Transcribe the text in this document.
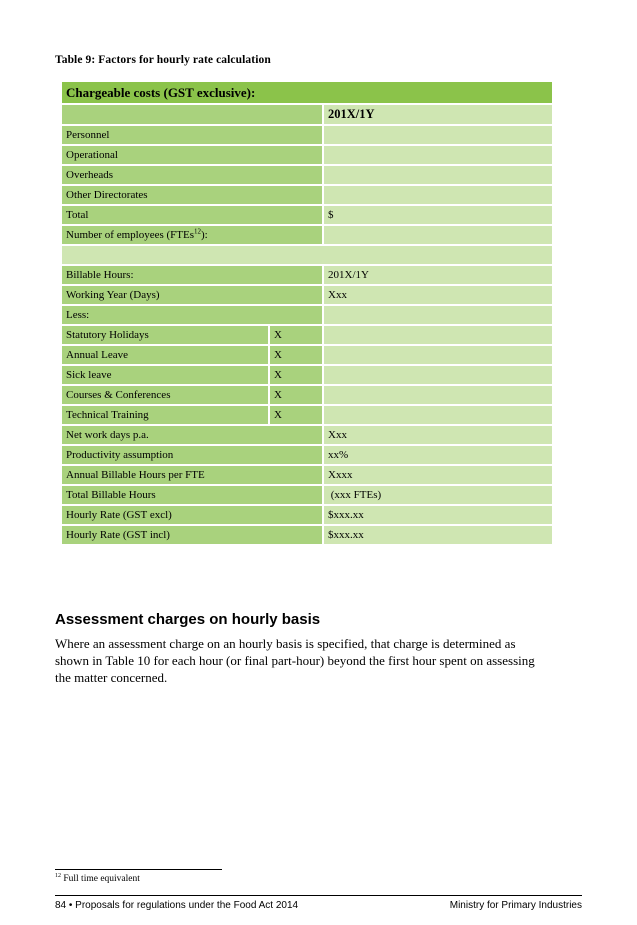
Table 9: Factors for hourly rate calculation
Chargeable costs (GST exclusive):		
		201X/1Y
Personnel		
Operational		
Overheads		
Other Directorates		
Total		$
Number of employees (FTEs$^{12}$):		

Billable Hours:		201X/1Y
Working Year (Days)		Xxx
Less:		
Statutory Holidays	X	
Annual Leave	X	
Sick leave	X	
Courses & Conferences	X	
Technical Training	X	
Net work days p.a.		Xxx
Productivity assumption		xx%
Annual Billable Hours per FTE		Xxxx
Total Billable Hours		(xxx FTEs)
Hourly Rate (GST excl)		$xxx.xx
Hourly Rate (GST incl)		$xxx.xx
Assessment charges on hourly basis
Where an assessment charge on an hourly basis is specified, that charge is determined as
shown in Table 10 for each hour (or final part-hour) beyond the first hour spent on assessing
the matter concerned.
$^{12}$ Full time equivalent
84 • Proposals for regulations under the Food Act 2014	Ministry for Primary Industries
